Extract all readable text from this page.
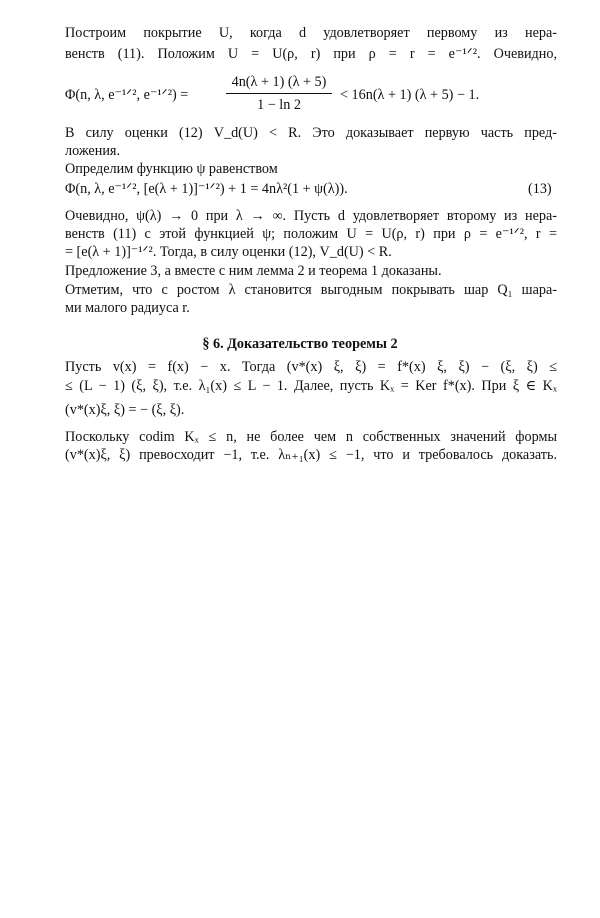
Построим покрытие U, когда d удовлетворяет первому из нера-
венств (11). Положим U = U(ρ, r) при ρ = r = e⁻¹ᐟ². Очевидно,
Φ(n, λ, e⁻¹ᐟ², e⁻¹ᐟ²) =
4n(λ + 1) (λ + 5)
1 − ln 2
< 16n(λ + 1) (λ + 5) − 1.
В силу оценки (12) V_d(U) < R. Это доказывает первую часть пред-
ложения.
Определим функцию ψ равенством
Φ(n, λ, e⁻¹ᐟ², [e(λ + 1)]⁻¹ᐟ²) + 1 = 4nλ²(1 + ψ(λ)).	(13)
Очевидно, ψ(λ) → 0 при λ → ∞. Пусть d удовлетворяет второму из нера-
венств (11) с этой функцией ψ; положим U = U(ρ, r) при ρ = e⁻¹ᐟ², r =
= [e(λ + 1)]⁻¹ᐟ². Тогда, в силу оценки (12), V_d(U) < R.
Предложение 3, а вместе с ним лемма 2 и теорема 1 доказаны.
Отметим, что с ростом λ становится выгодным покрывать шар Q₁ шара-
ми малого радиуса r.
§ 6. Доказательство теоремы 2
Пусть v(x) = f(x) − x. Тогда (v*(x) ξ, ξ) = f*(x) ξ, ξ) − (ξ, ξ) ≤
≤ (L − 1) (ξ, ξ), т.е. λ₁(x) ≤ L − 1. Далее, пусть Kₓ = Ker f*(x). При ξ ∈ Kₓ
(v*(x)ξ, ξ) = − (ξ, ξ).
Поскольку codim Kₓ ≤ n, не более чем n собственных значений формы
(v*(x)ξ, ξ) превосходит −1, т.е. λₙ₊₁(x) ≤ −1, что и требовалось доказать.
